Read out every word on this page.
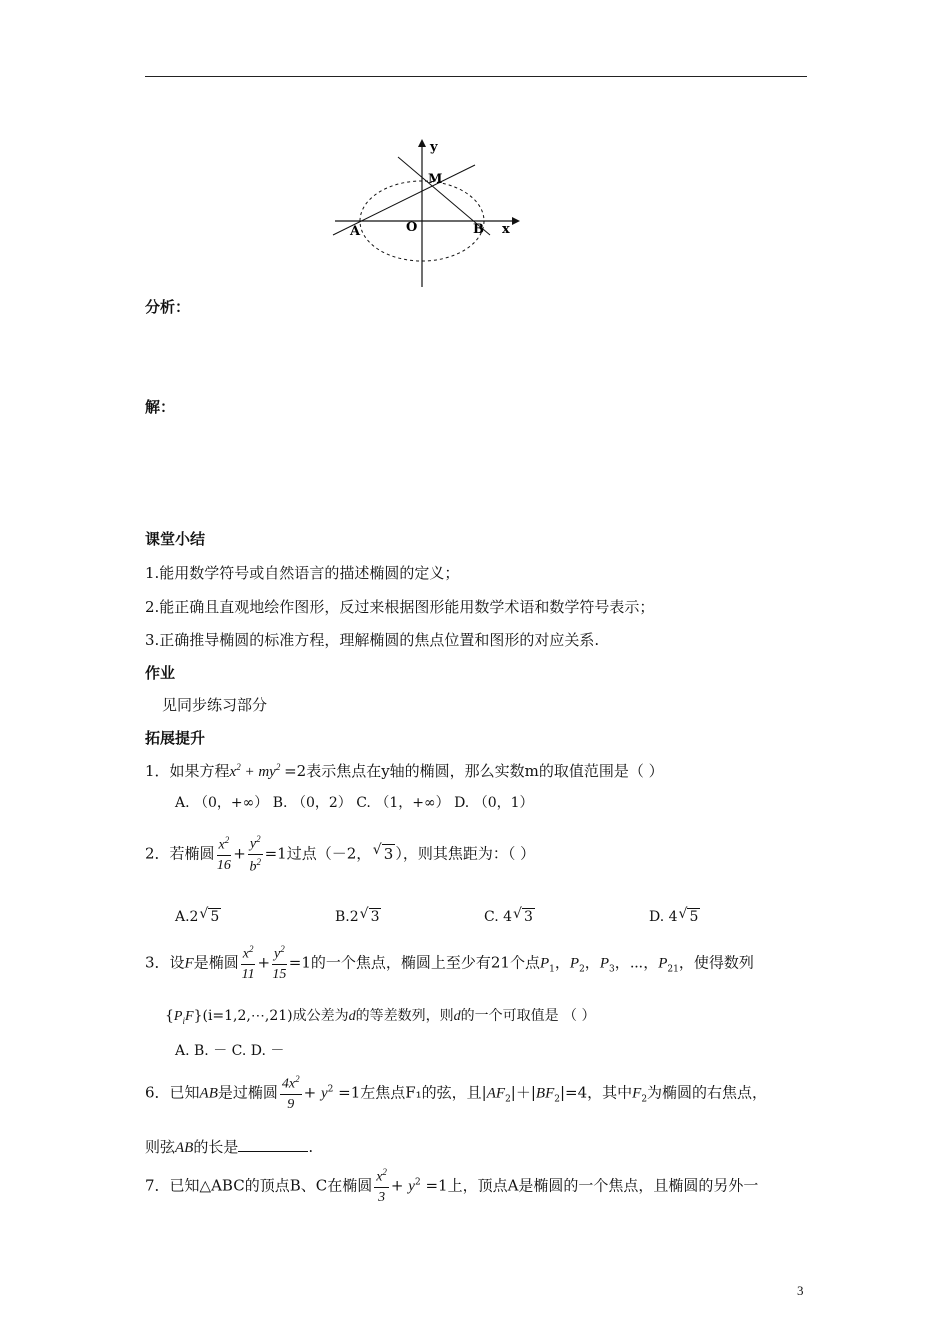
y
x
M
A	O	B
分析：
解：
课堂小结
1.能用数学符号或自然语言的描述椭圆的定义；
2.能正确且直观地绘作图形，反过来根据图形能用数学术语和数学符号表示；
3.正确推导椭圆的标准方程，理解椭圆的焦点位置和图形的对应关系.
作业
见同步练习部分
拓展提升
1．如果方程$x^2 + my^2 =2$表示焦点在y轴的椭圆，那么实数m的取值范围是（ ）
A. （0，+∞） B. （0，2） C. （1，+∞） D. （0，1）
2．若椭圆 $\frac{x^2}{16} + \frac{y^2}{b^2} =1$过点（－2， √ 3 ），则其焦距为：（ ）
A.2 √ 5	B.2 √ 3	C. 4 √ 3	D. 4 √ 5
3．设F是椭圆 $\frac{x^2}{11} + \frac{y^2}{15} =1$的一个焦点，椭圆上至少有21个点$P_1$，$P_2$，$P_3$，⋯，$P_{21}$，使得数列
$\{P_iF\}(i=1,2,\cdots,21)$成公差为d的等差数列，则d的一个可取值是 （ ）
A. B. － C. D. －
6．已知AB是过椭圆 $\frac{4x^2}{9} + y^2 =1$左焦点F₁的弦，且$|AF_2|+|BF_2|=4$，其中$F_2$为椭圆的右焦点，
则弦AB的长是	.
7．已知△ABC的顶点B、C在椭圆 $\frac{x^2}{3} + y^2 =1$上，顶点A是椭圆的一个焦点，且椭圆的另外一
3
